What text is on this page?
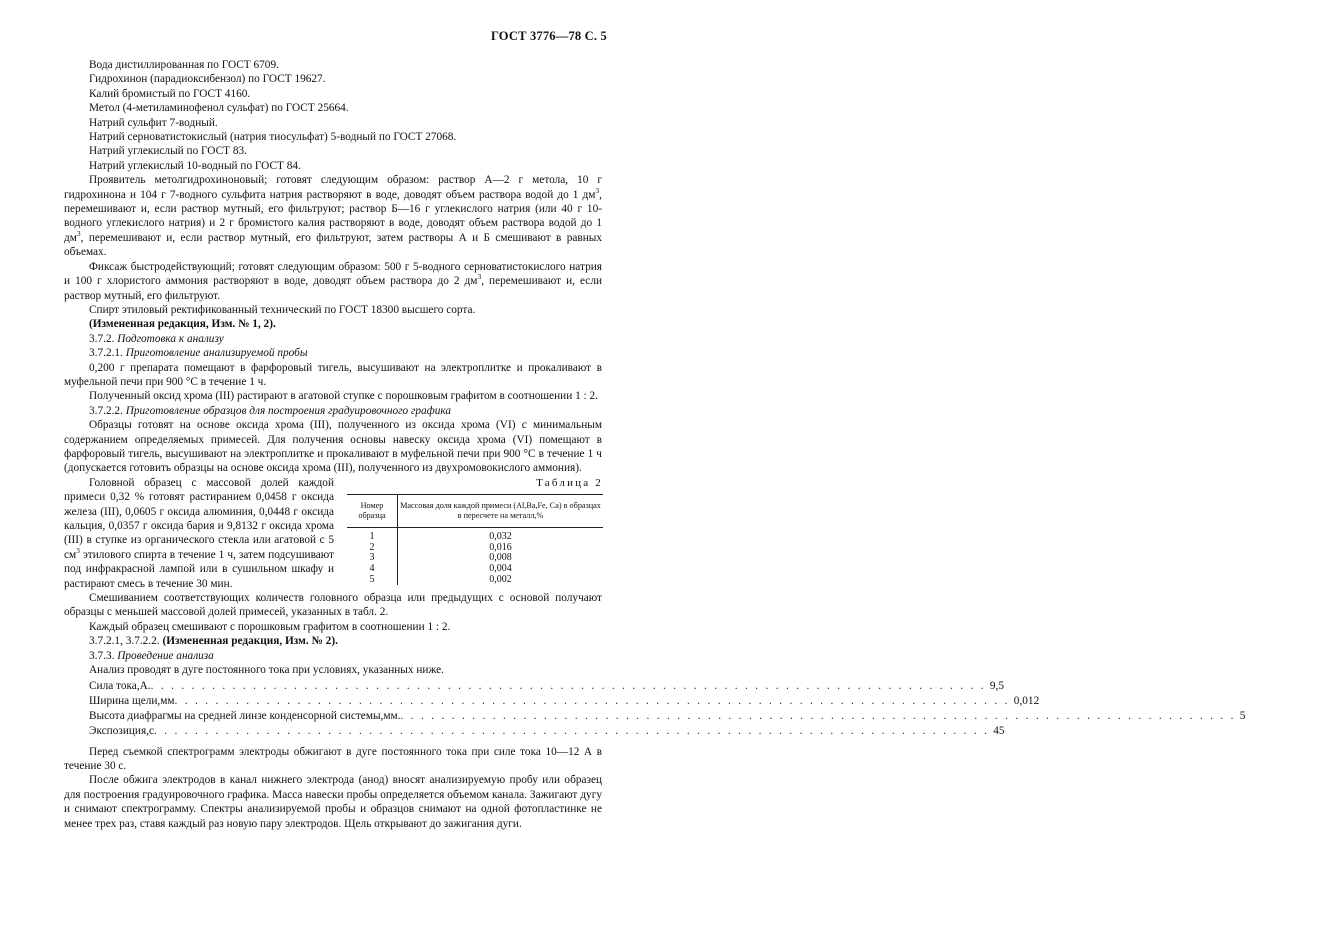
ГОСТ 3776—78 С. 5

Вода дистиллированная по ГОСТ 6709.

Гидрохинон (парадиоксибензол) по ГОСТ 19627.

Калий бромистый по ГОСТ 4160.

Метол (4-метиламинофенол сульфат) по ГОСТ 25664.

Натрий сульфит 7-водный.

Натрий серноватистокислый (натрия тиосульфат) 5-водный по ГОСТ 27068.

Натрий углекислый по ГОСТ 83.

Натрий углекислый 10-водный по ГОСТ 84.

Проявитель метолгидрохиноновый; готовят следующим образом: раствор А—2 г метола, 10 г гидрохинона и 104 г 7-водного сульфита натрия растворяют в воде, доводят объем раствора водой до 1 $дм^3$, перемешивают и, если раствор мутный, его фильтруют; раствор Б—16 г углекислого натрия (или 40 г 10-водного углекислого натрия) и 2 г бромистого калия растворяют в воде, доводят объем раствора водой до 1 $дм^3$, перемешивают и, если раствор мутный, его фильтруют, затем растворы А и Б смешивают в равных объемах.

Фиксаж быстродействующий; готовят следующим образом: 500 г 5-водного серноватистокислого натрия и 100 г хлористого аммония растворяют в воде, доводят объем раствора до 2 $дм^3$, перемешивают и, если раствор мутный, его фильтруют.

Спирт этиловый ректификованный технический по ГОСТ 18300 высшего сорта.

(Измененная редакция, Изм. № 1, 2).

3.7.2. Подготовка к анализу

3.7.2.1. Приготовление анализируемой пробы

0,200 г препарата помещают в фарфоровый тигель, высушивают на электроплитке и прокаливают в муфельной печи при 900 °С в течение 1 ч.

Полученный оксид хрома (III) растирают в агатовой ступке с порошковым графитом в соотношении 1 : 2.

3.7.2.2. Приготовление образцов для построения градуировочного графика

Образцы готовят на основе оксида хрома (III), полученного из оксида хрома (VI) с минимальным содержанием определяемых примесей. Для получения основы навеску оксида хрома (VI) помещают в фарфоровый тигель, высушивают на электроплитке и прокаливают в муфельной печи при 900 °С в течение 1 ч (допускается готовить образцы на основе оксида хрома (III), полученного из двухромовокислого аммония).

Головной образец с массовой долей каждой примеси 0,32 % готовят растиранием 0,0458 г оксида железа (III), 0,0605 г оксида алюминия, 0,0448 г оксида кальция, 0,0357 г оксида бария и 9,8132 г оксида хрома (III) в ступке из органического стекла или агатовой с 5 $см^3$ этилового спирта в течение 1 ч, затем подсушивают под инфракрасной лампой или в сушильном шкафу и растирают смесь в течение 30 мин.

Таблица 2
Номер образца	Массовая доля каждой примеси (Al,Ba,Fe, Ca) в образцах в пересчете на металл,%
1	0,032
2	0,016
3	0,008
4	0,004
5	0,002

Смешиванием соответствующих количеств головного образца или предыдущих с основой получают образцы с меньшей массовой долей примесей, указанных в табл. 2.

Каждый образец смешивают с порошковым графитом в соотношении 1 : 2.

3.7.2.1, 3.7.2.2. (Измененная редакция, Изм. № 2).

3.7.3. Проведение анализа

Анализ проводят в дуге постоянного тока при условиях, указанных ниже.

Сила тока,А. . . . . . . . . . . . . . . . . . . . . . . . . . . . . . . . . . . . . . . . . . . . . . . . . . . . . . . . . . . . . . . . . . . . . . . . . . . . . . . . . . . 9,5
Ширина щели,мм . . . . . . . . . . . . . . . . . . . . . . . . . . . . . . . . . . . . . . . . . . . . . . . . . . . . . . . . . . . . . . . . . . . . . . . . . . . . . . . . . . 0,012
Высота диафрагмы на средней линзе конденсорной системы,мм. . . . . . . . . . . . . . . . . . . . . . . . . . . . . . . . . . . . . . . . . . . . . . . . . . . . . . . . . . . . . . . . . . . . . . . . . . . . . . . . . . . 5
Экспозиция,с . . . . . . . . . . . . . . . . . . . . . . . . . . . . . . . . . . . . . . . . . . . . . . . . . . . . . . . . . . . . . . . . . . . . . . . . . . . . . . . . . . 45

Перед съемкой спектрограмм электроды обжигают в дуге постоянного тока при силе тока 10—12 А в течение 30 с.

После обжига электродов в канал нижнего электрода (анод) вносят анализируемую пробу или образец для построения градуировочного графика. Масса навески пробы определяется объемом канала. Зажигают дугу и снимают спектрограмму. Спектры анализируемой пробы и образцов снимают на одной фотопластинке не менее трех раз, ставя каждый раз новую пару электродов. Щель открывают до зажигания дуги.
